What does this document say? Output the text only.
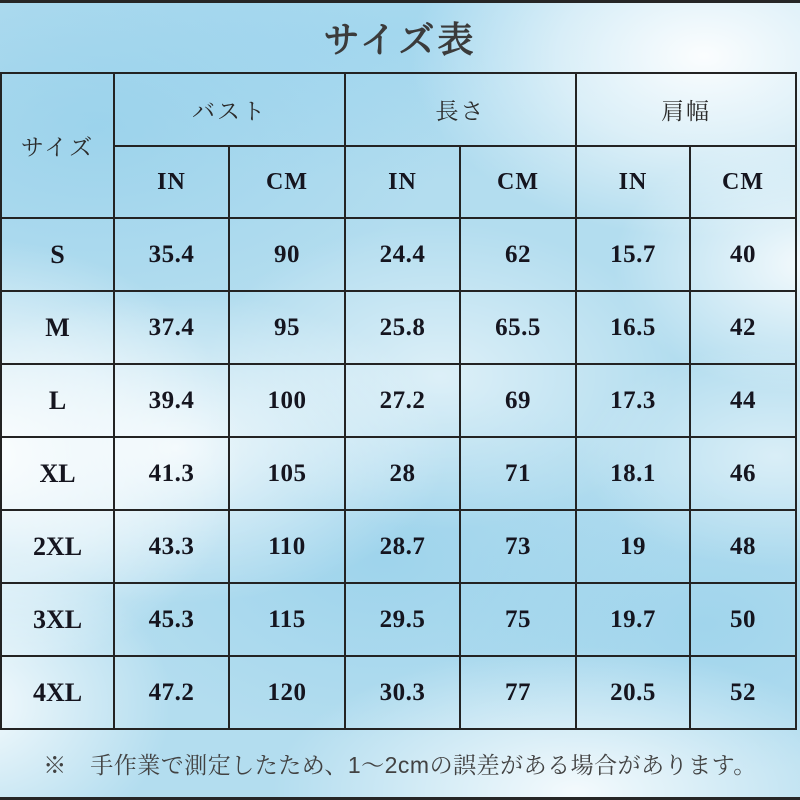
サイズ表
サイズ	バスト		長さ		肩幅	
	IN	CM	IN	CM	IN	CM
S	35.4	90	24.4	62	15.7	40
M	37.4	95	25.8	65.5	16.5	42
L	39.4	100	27.2	69	17.3	44
XL	41.3	105	28	71	18.1	46
2XL	43.3	110	28.7	73	19	48
3XL	45.3	115	29.5	75	19.7	50
4XL	47.2	120	30.3	77	20.5	52

※　手作業で測定したため、1〜2cmの誤差がある場合があります。
